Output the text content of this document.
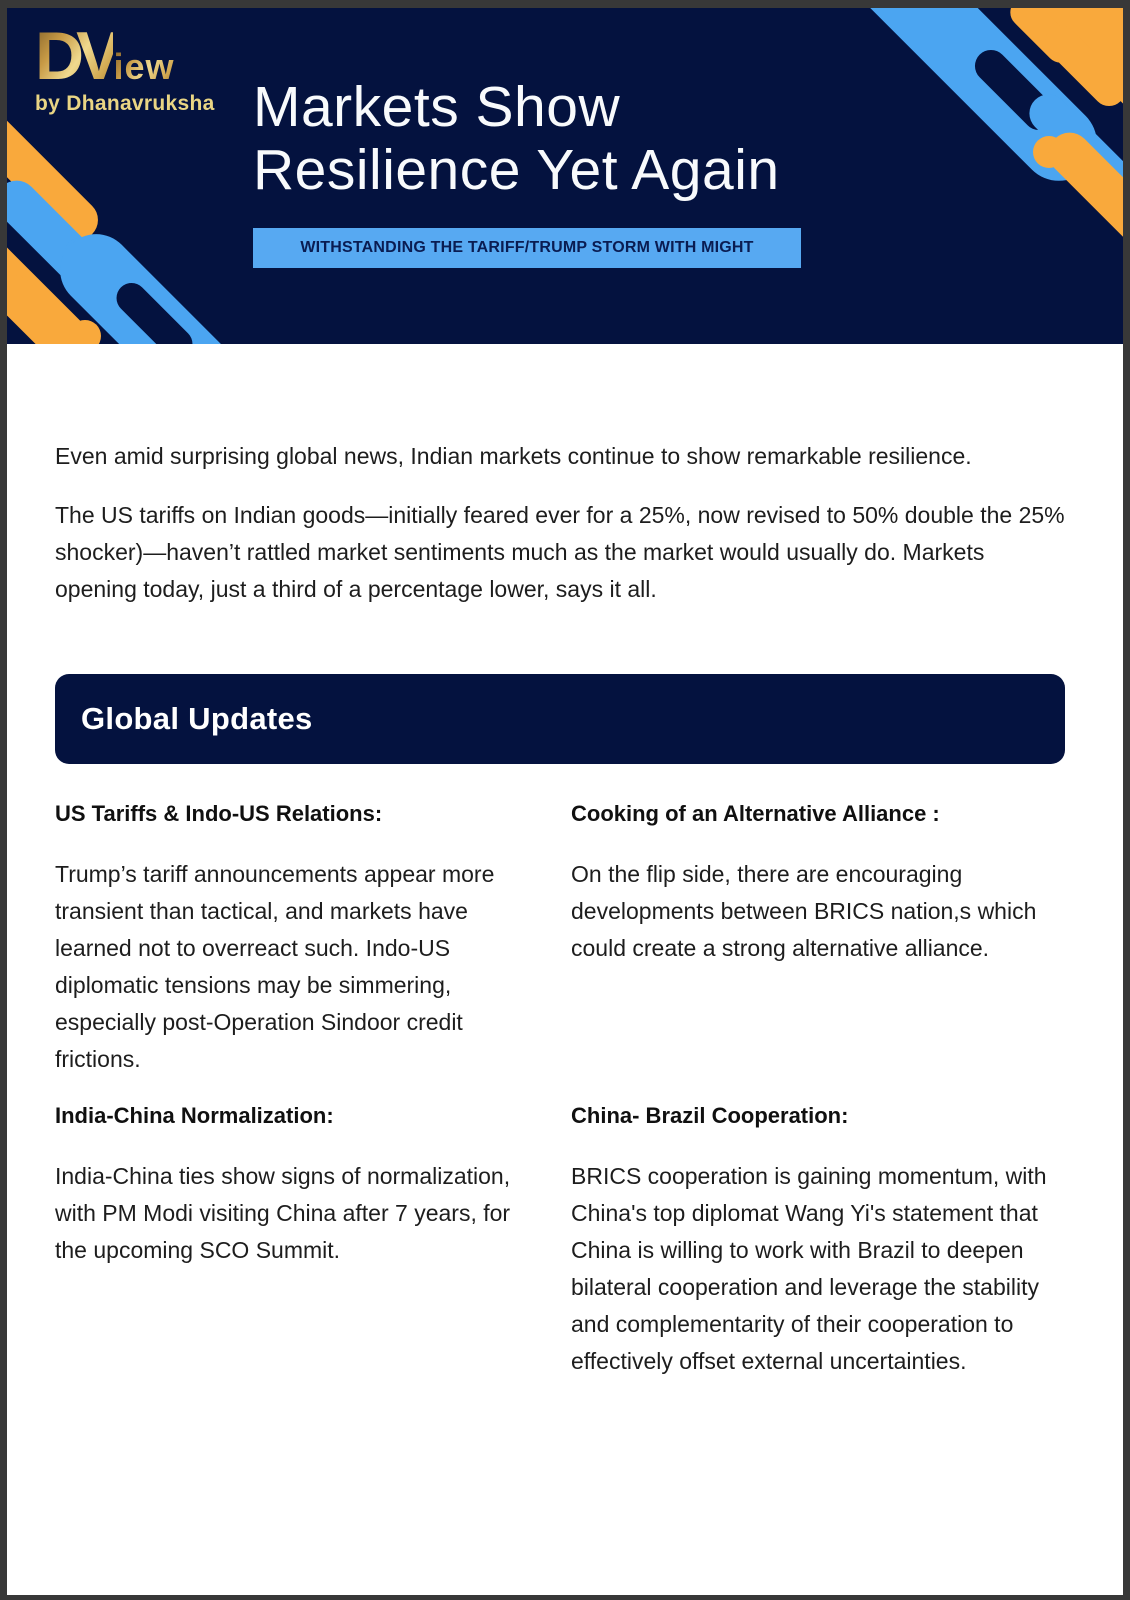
DView
by Dhanavruksha Markets Show
Resilience Yet Again
WITHSTANDING THE TARIFF/TRUMP STORM WITH MIGHT

Even amid surprising global news, Indian markets continue to show remarkable resilience.

The US tariffs on Indian goods—initially feared ever for a 25%, now revised to 50% double the 25% shocker)—haven’t rattled market sentiments much as the market would usually do. Markets opening today, just a third of a percentage lower, says it all.

Global Updates
US Tariffs & Indo-US Relations:

Trump’s tariff announcements appear more transient than tactical, and markets have learned not to overreact such. Indo-US diplomatic tensions may be simmering, especially post-Operation Sindoor credit frictions.

Cooking of an Alternative Alliance :

On the flip side, there are encouraging developments between BRICS nation,s which could create a strong alternative alliance.

India-China Normalization:

India-China ties show signs of normalization, with PM Modi visiting China after 7 years, for the upcoming SCO Summit.

China- Brazil Cooperation:

BRICS cooperation is gaining momentum, with China's top diplomat Wang Yi's statement that China is willing to work with Brazil to deepen bilateral cooperation and leverage the stability and complementarity of their cooperation to effectively offset external uncertainties.
